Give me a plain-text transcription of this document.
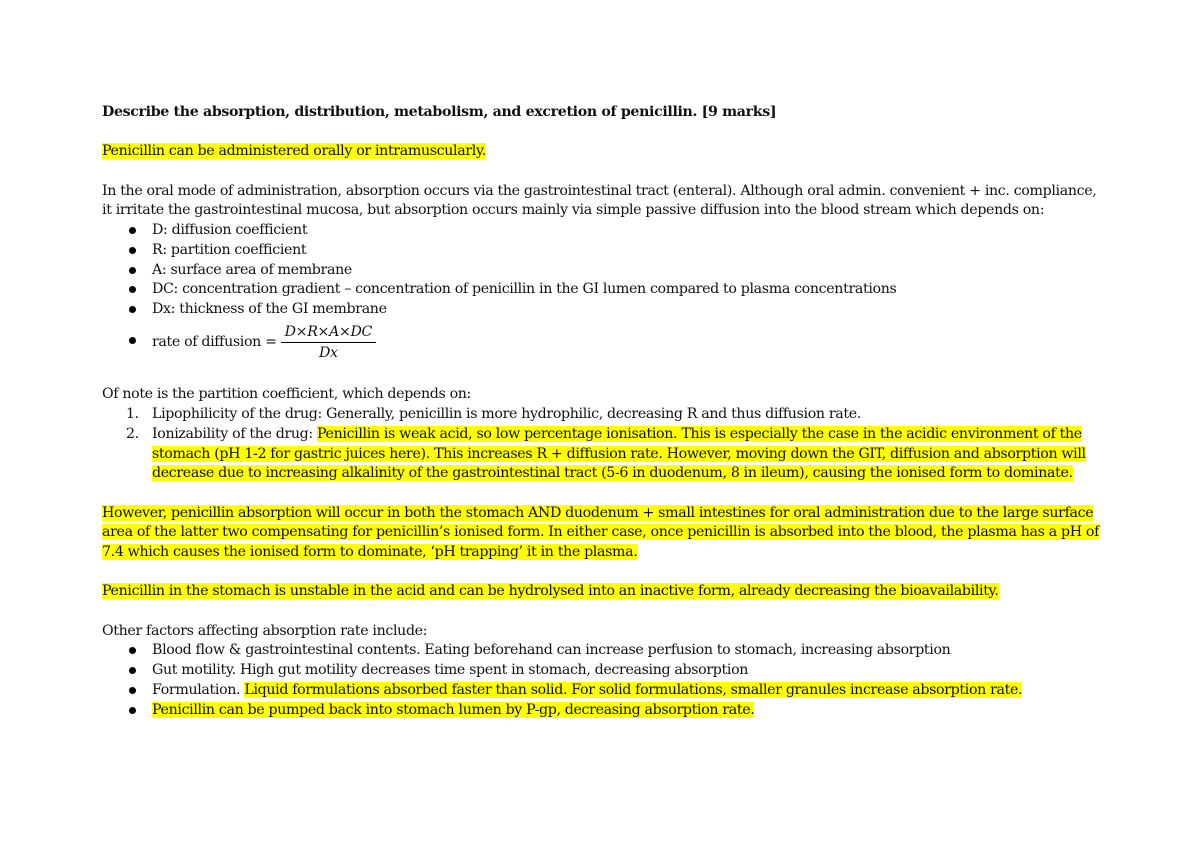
Describe the absorption, distribution, metabolism, and excretion of penicillin. [9 marks]

Penicillin can be administered orally or intramuscularly.

In the oral mode of administration, absorption occurs via the gastrointestinal tract (enteral). Although oral admin. convenient + inc. compliance,
it irritate the gastrointestinal mucosa, but absorption occurs mainly via simple passive diffusion into the blood stream which depends on:

D: diffusion coefficient
R: partition coefficient
A: surface area of membrane
DC: concentration gradient – concentration of penicillin in the GI lumen compared to plasma concentrations
Dx: thickness of the GI membrane
rate of diffusion = $\frac{D\times R\times A\times DC}{Dx}$

Of note is the partition coefficient, which depends on:

1. Lipophilicity of the drug: Generally, penicillin is more hydrophilic, decreasing R and thus diffusion rate.
2. Ionizability of the drug: Penicillin is weak acid, so low percentage ionisation. This is especially the case in the acidic environment of the
stomach (pH 1-2 for gastric juices here). This increases R + diffusion rate. However, moving down the GIT, diffusion and absorption will
decrease due to increasing alkalinity of the gastrointestinal tract (5-6 in duodenum, 8 in ileum), causing the ionised form to dominate.

However, penicillin absorption will occur in both the stomach AND duodenum + small intestines for oral administration due to the large surface
area of the latter two compensating for penicillin’s ionised form. In either case, once penicillin is absorbed into the blood, the plasma has a pH of
7.4 which causes the ionised form to dominate, ‘pH trapping’ it in the plasma.

Penicillin in the stomach is unstable in the acid and can be hydrolysed into an inactive form, already decreasing the bioavailability.

Other factors affecting absorption rate include:

Blood flow & gastrointestinal contents. Eating beforehand can increase perfusion to stomach, increasing absorption
Gut motility. High gut motility decreases time spent in stomach, decreasing absorption
Formulation. Liquid formulations absorbed faster than solid. For solid formulations, smaller granules increase absorption rate.
Penicillin can be pumped back into stomach lumen by P-gp, decreasing absorption rate.
